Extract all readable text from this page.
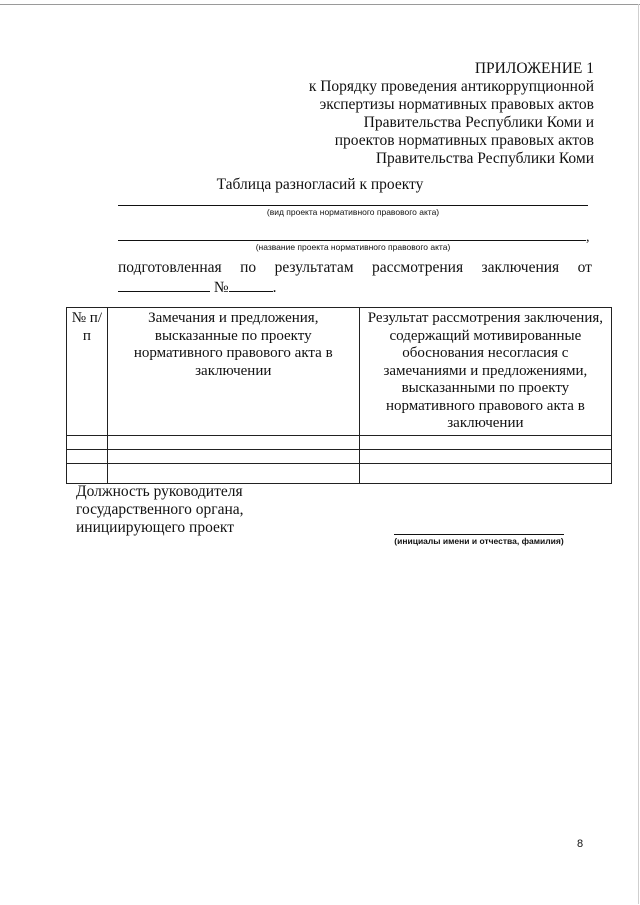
ПРИЛОЖЕНИЕ 1
к Порядку проведения антикоррупционной
экспертизы нормативных правовых актов
Правительства Республики Коми и
проектов нормативных правовых актов
Правительства Республики Коми
Таблица разногласий к проекту
(вид проекта нормативного правового акта)
,
(название проекта нормативного правового акта)
подготовленная по результатам рассмотрения заключения от
№	.
№ п/п	Замечания и предложения, высказанные по проекту нормативного правового акта в заключении	Результат рассмотрения заключения, содержащий мотивированные обоснования несогласия с замечаниями и предложениями, высказанными по проекту нормативного правового акта в заключении

Должность руководителя
государственного органа,
инициирующего проект
(инициалы имени и отчества, фамилия)
8
